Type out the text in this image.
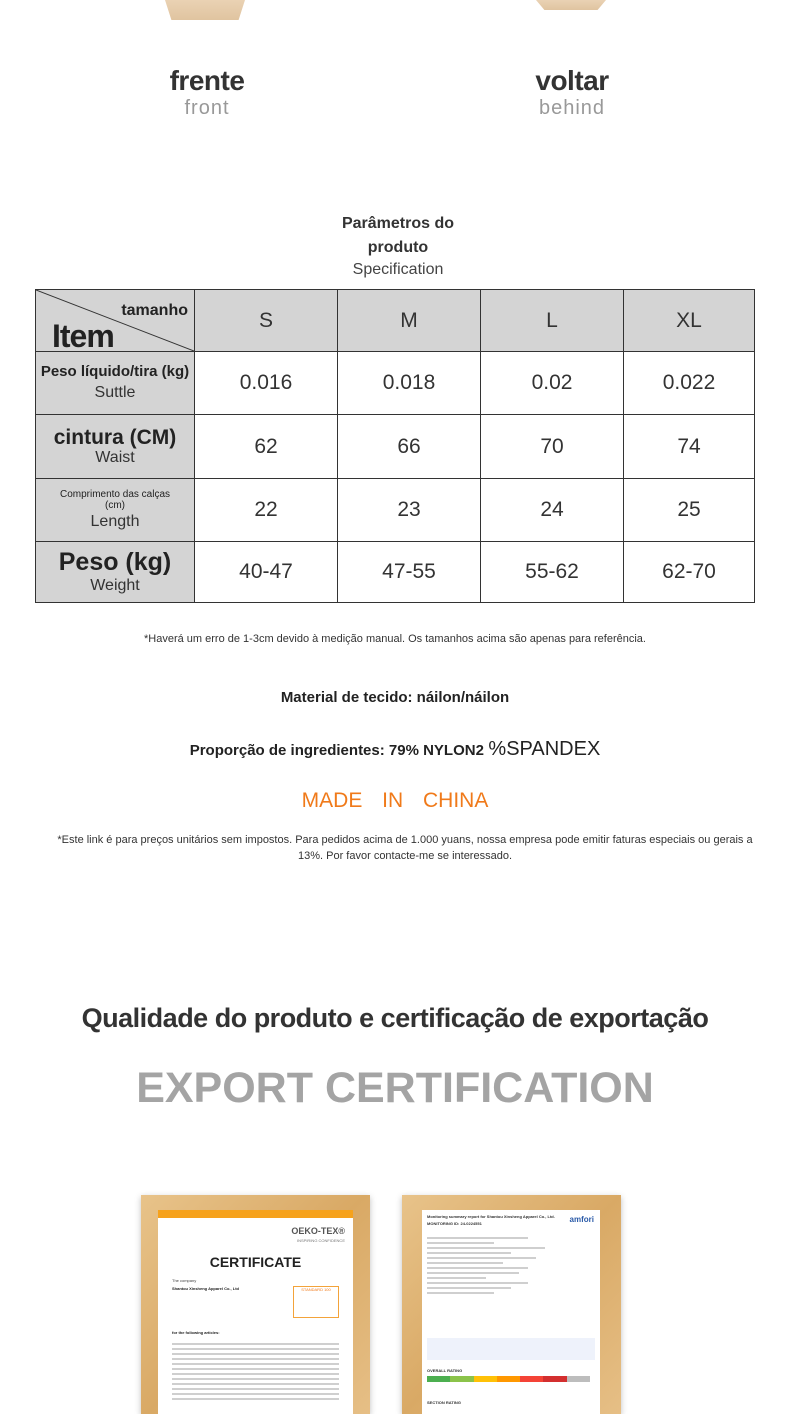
frente
front
voltar
behind
Parâmetros do
produto
Specification
tamanho
Item	S	M	L	XL

Peso líquido/tira (kg)
Suttle	0.016	0.018	0.02	0.022

cintura (CM)
Waist	62	66	70	74

Comprimento das calças (cm)
Length	22	23	24	25

Peso (kg)
Weight	40-47	47-55	55-62	62-70
*Haverá um erro de 1-3cm devido à medição manual. Os tamanhos acima são apenas para referência.
Material de tecido: náilon/náilon
Proporção de ingredientes: 79% NYLON2 %SPANDEX
MADE IN CHINA
*Este link é para preços unitários sem impostos. Para pedidos acima de 1.000 yuans, nossa empresa pode emitir faturas especiais ou gerais a 13%. Por favor contacte-me se interessado.
Qualidade do produto e certificação de exportação
EXPORT CERTIFICATION
OEKO-TEX®
INSPIRING CONFIDENCE
CERTIFICATE
The company
Shantou Xinsheng Apparel Co., Ltd	STANDARD 100
for the following articles:
Monitoring summary report for Shantou Xinsheng Apparel Co., Ltd.
MONITORING ID: 24-0224551	amfori
OVERALL RATING
SECTION RATING
